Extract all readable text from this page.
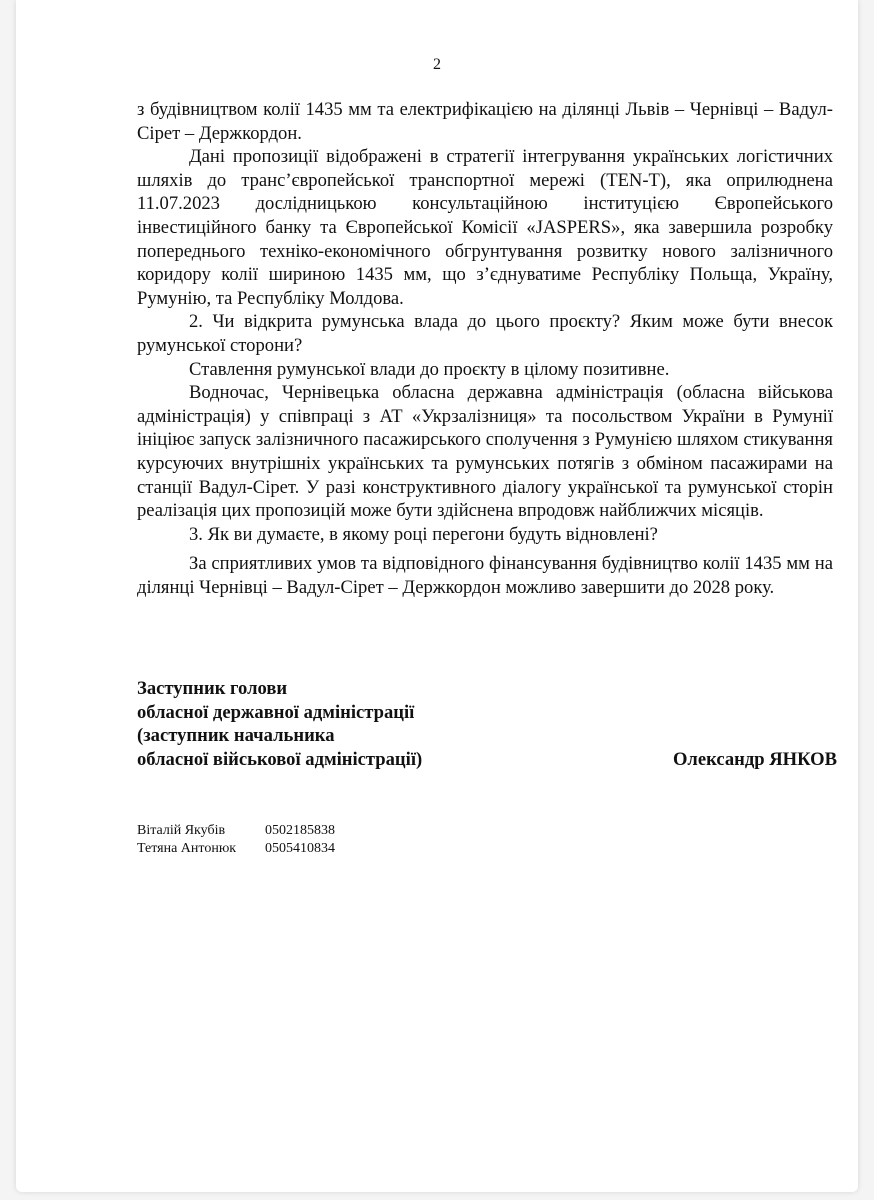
2

з будівництвом колії 1435 мм та електрифікацією на ділянці Львів – Чернівці – Вадул-Сірет – Держкордон.

Дані пропозиції відображені в стратегії інтегрування українських логістичних шляхів до транс’європейської транспортної мережі (TEN-T), яка оприлюднена 11.07.2023 дослідницькою консультаційною інституцією Європейського інвестиційного банку та Європейської Комісії «JASPERS», яка завершила розробку попереднього техніко-економічного обгрунтування розвитку нового залізничного коридору колії шириною 1435 мм, що з’єднуватиме Республіку Польща, Україну, Румунію, та Республіку Молдова.

2. Чи відкрита румунська влада до цього проєкту? Яким може бути внесок румунської сторони?

Ставлення румунської влади до проєкту в цілому позитивне.

Водночас, Чернівецька обласна державна адміністрація (обласна військова адміністрація) у співпраці з АТ «Укрзалізниця» та посольством України в Румунії ініціює запуск залізничного пасажирського сполучення з Румунією шляхом стикування курсуючих внутрішніх українських та румунських потягів з обміном пасажирами на станції Вадул-Сірет. У разі конструктивного діалогу української та румунської сторін реалізація цих пропозицій може бути здійснена впродовж найближчих місяців.

3. Як ви думаєте, в якому році перегони будуть відновлені?

За сприятливих умов та відповідного фінансування будівництво колії 1435 мм на ділянці Чернівці – Вадул-Сірет – Держкордон можливо завершити до 2028 року.

Заступник голови
обласної державної адміністрації
(заступник начальника
обласної військової адміністрації)	Олександр ЯНКОВ
Віталій Якубів	0502185838
Тетяна Антонюк	0505410834
